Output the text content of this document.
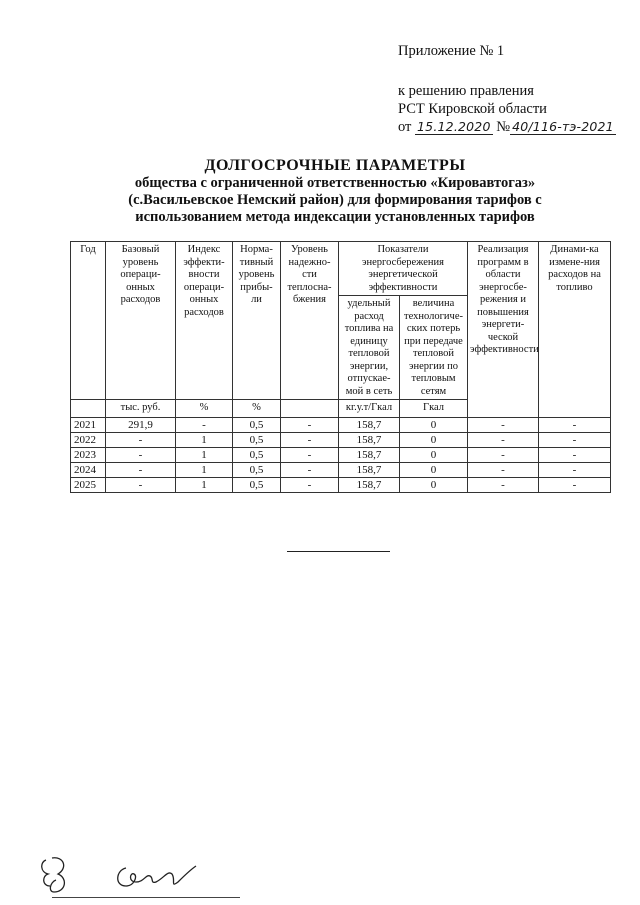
Приложение № 1
к решению правления
РСТ Кировской области
от 15.12.2020 № 40/116-тэ-2021
ДОЛГОСРОЧНЫЕ ПАРАМЕТРЫ
общества с ограниченной ответственностью «Кировавтогаз»
(с.Васильевское Немский район) для формирования тарифов с
использованием метода индексации установленных тарифов
Год	Базовый уровень операци-онных расходов	Индекс эффекти-вности операци-онных расходов	Норма-тивный уровень прибы-ли	Уровень надежно-сти теплосна-бжения	Показатели энергосбережения энергетической эффективности		Реализация программ в области энергосбе-режения и повышения энергети-ческой эффективности	Динами-ка измене-ния расходов на топливо
					удельный расход топлива на единицу тепловой энергии, отпускае-мой в сеть	величина технологиче-ских потерь при передаче тепловой энергии по тепловым сетям		
	тыс. руб.	%	%		кг.у.т/Гкал	Гкал		
2021	291,9	-	0,5	-	158,7	0	-	-
2022	-	1	0,5	-	158,7	0	-	-
2023	-	1	0,5	-	158,7	0	-	-
2024	-	1	0,5	-	158,7	0	-	-
2025	-	1	0,5	-	158,7	0	-	-
